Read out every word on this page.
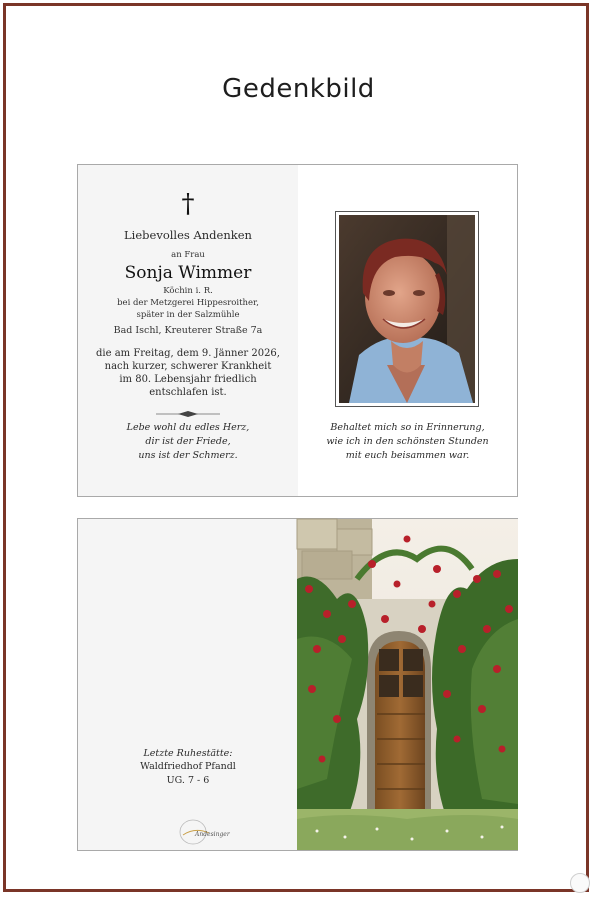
Gedenkbild
†
Liebevolles Andenken
an Frau
Sonja Wimmer
Köchin i. R.
bei der Metzgerei Hippesroither,
später in der Salzmühle
Bad Ischl, Kreuterer Straße 7a
die am Freitag, dem 9. Jänner 2026,
nach kurzer, schwerer Krankheit
im 80. Lebensjahr friedlich
entschlafen ist.
Lebe wohl du edles Herz,
dir ist der Friede,
uns ist der Schmerz.
Behaltet mich so in Erinnerung,
wie ich in den schönsten Stunden
mit euch beisammen war.
Letzte Ruhestätte:
Waldfriedhof Pfandl
UG. 7 - 6
Andesinger
